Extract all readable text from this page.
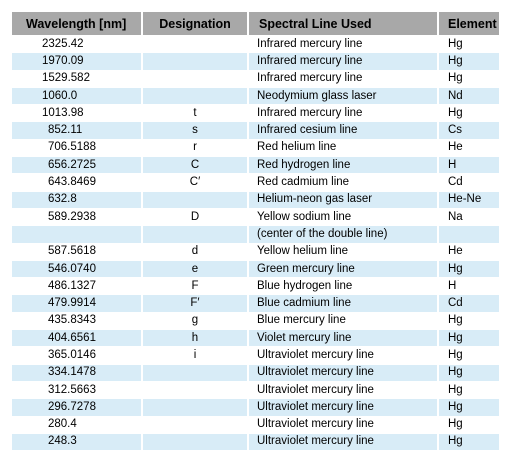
Wavelength [nm]	Designation	Spectral Line Used	Element
2325.42		Infrared mercury line	Hg
1970.09		Infrared mercury line	Hg
1529.582		Infrared mercury line	Hg
1060.0		Neodymium glass laser	Nd
1013.98	t	Infrared mercury line	Hg
852.11	s	Infrared cesium line	Cs
706.5188	r	Red helium line	He
656.2725	C	Red hydrogen line	H
643.8469	C′	Red cadmium line	Cd
632.8		Helium-neon gas laser	He-Ne
589.2938	D	Yellow sodium line	Na
		(center of the double line)	
587.5618	d	Yellow helium line	He
546.0740	e	Green mercury line	Hg
486.1327	F	Blue hydrogen line	H
479.9914	F′	Blue cadmium line	Cd
435.8343	g	Blue mercury line	Hg
404.6561	h	Violet mercury line	Hg
365.0146	i	Ultraviolet mercury line	Hg
334.1478		Ultraviolet mercury line	Hg
312.5663		Ultraviolet mercury line	Hg
296.7278		Ultraviolet mercury line	Hg
280.4		Ultraviolet mercury line	Hg
248.3		Ultraviolet mercury line	Hg
